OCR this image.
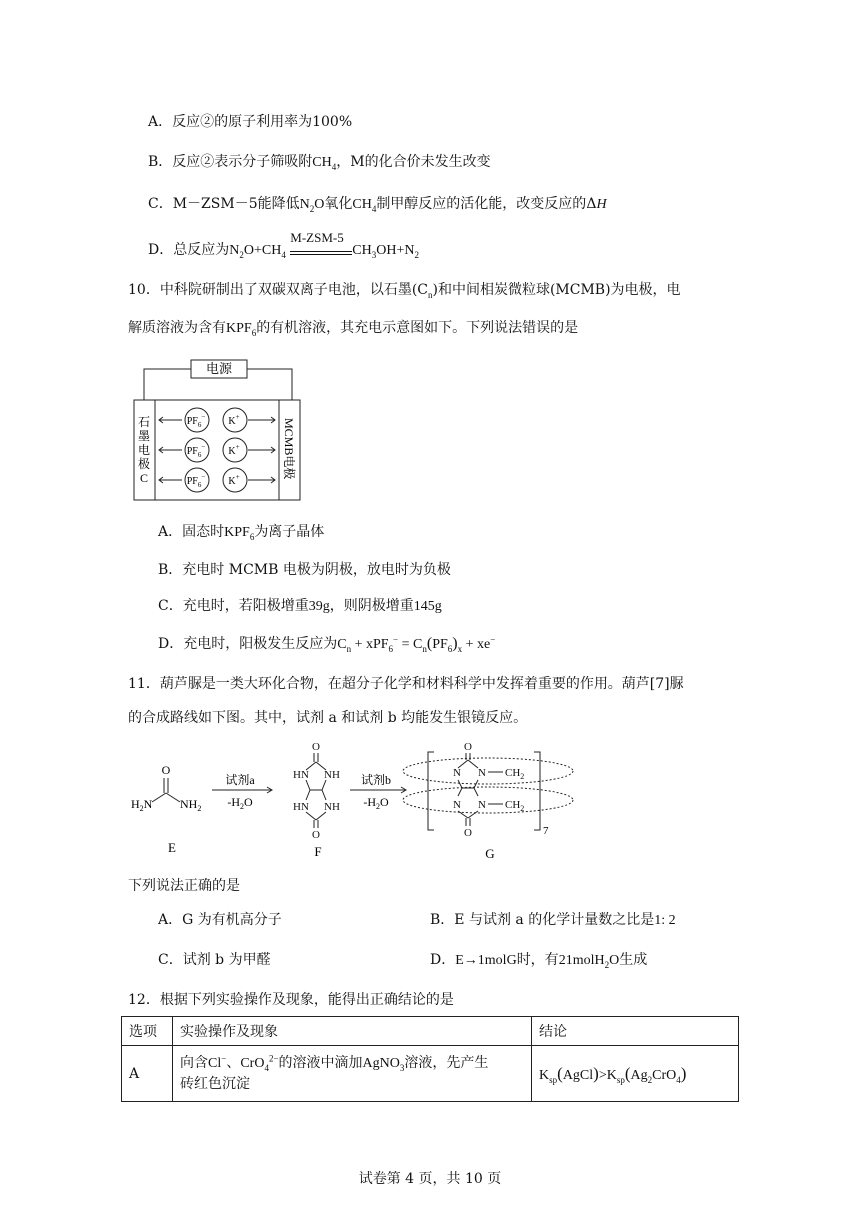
A．反应②的原子利用率为100%
B．反应②表示分子筛吸附$CH_4$，M的化合价未发生改变
C．M－ZSM－5能降低$N_2O$氧化$CH_4$制甲醇反应的活化能，改变反应的ΔH
D．总反应为$N_2O+CH_4$
M-ZSM-5
$CH_3OH+N_2$
10．中科院研制出了双碳双离子电池，以石墨$(C_n)$和中间相炭微粒球(MCMB)为电极，电
解质溶液为含有$KPF_6$的有机溶液，其充电示意图如下。下列说法错误的是
电源
石
墨
电
极
C	MCMB电极
$PF_6^-$ K+
$PF_6^-$ K+
$PF_6^-$ K+
A．固态时$KPF_6$为离子晶体
B．充电时 MCMB 电极为阴极，放电时为负极
C．充电时，若阳极增重39g，则阴极增重145g
D．充电时，阳极发生反应为$C_n + xPF_6^- = C_n(PF_6)_x + xe^-$
11．葫芦脲是一类大环化合物，在超分子化学和材料科学中发挥着重要的作用。葫芦[7]脲
的合成路线如下图。其中，试剂 a 和试剂 b 均能发生银镜反应。
O
$H_2N$ $NH_2$
E
试剂a
$-H_2O$
O
HN NH
HN NH
O
F
试剂b
$-H_2O$
O
N N $CH_2$
N N $CH_2$
O	7
G
下列说法正确的是
A．G 为有机高分子	B．E 与试剂 a 的化学计量数之比是1: 2
C．试剂 b 为甲醛	D．E→1molG时，有21molH$_2$O生成
12．根据下列实验操作及现象，能得出正确结论的是
选项	实验操作及现象	结论
A	向含Cl−、CrO$_4^{2-}$的溶液中滴加AgNO$_3$溶液，先产生
砖红色沉淀	$K_{sp}(AgCl)>K_{sp}(Ag_2CrO_4)$
试卷第 4 页，共 10 页
